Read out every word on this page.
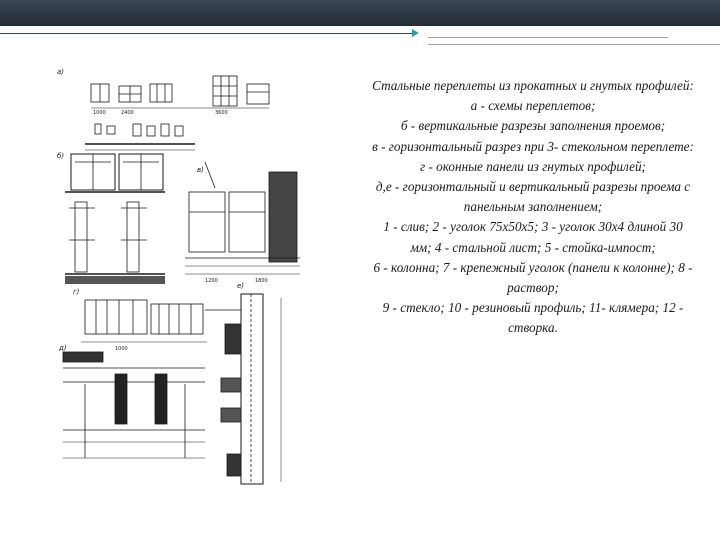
а)
б)
в)
г)
д)
е)
1000	2400	3600
1200	1800
1000

Стальные переплеты из прокатных и гнутых профилей:

а - схемы переплетов;

б - вертикальные разрезы заполнения проемов;

в - горизонтальный разрез при 3- стекольном переплете:

г - оконные панели из гнутых профилей;

д,е - горизонтальный и вертикальный разрезы проема с панельным заполнением;

1 - слив; 2 - уголок 75х50х5; 3 - уголок 30х4 длиной 30 мм; 4 - стальной лист; 5 - стойка-импост;

6 - колонна; 7 - крепежный уголок (панели к колонне); 8 - раствор;

9 - стекло; 10 - резиновый профиль; 11- клямера; 12 - створка.
